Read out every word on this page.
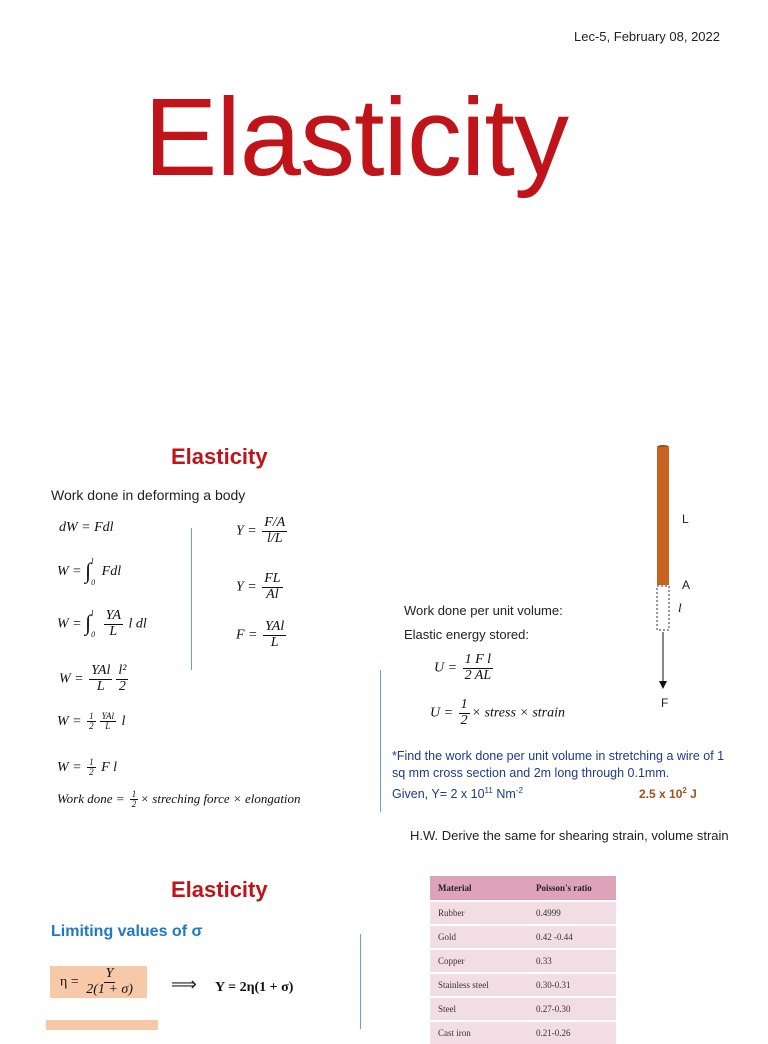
Lec-5, February 08, 2022
Elasticity
Elasticity
Work done in deforming a body
dW = Fdl
W = ∫ l
0
Fdl
W = ∫ l
0
$\frac{YA}{L}$ l dl
$W = \frac{\text{YAl}}{L} \frac{\text{l²}}{2}$
$W = \frac{1}{2} \frac{\text{YAl}}{L}$ l
$W = \frac{1}{2}$ F l
Work done = $\frac{1}{2}$ × streching force × elongation
$Y = \frac{F/A}{l/L}$
$Y = \frac{FL}{Al}$
$F = \frac{\text{YAl}}{L}$
Work done per unit volume:
Elastic energy stored:
$U = \frac{\text{1 F l}}{2 AL}$
$U = \frac{1}{2}$ × stress × strain
L
A
l
F
*Find the work done per unit volume in stretching a wire of 1
sq mm cross section and 2m long through 0.1mm.
Given, Y= 2 x $10^{11}$ $Nm^{-2}$	2.5 x $10^2$ J
H.W. Derive the same for shearing strain, volume strain
Elasticity
Limiting values of σ
$\eta = \frac{Y}{2(1 + \sigma)}$ ⟹ Y = 2η(1 + σ)
Material	Poisson's ratio
Rubber	0.4999
Gold	0.42 -0.44
Copper	0.33
Stainless steel	0.30-0.31
Steel	0.27-0.30
Cast iron	0.21-0.26
